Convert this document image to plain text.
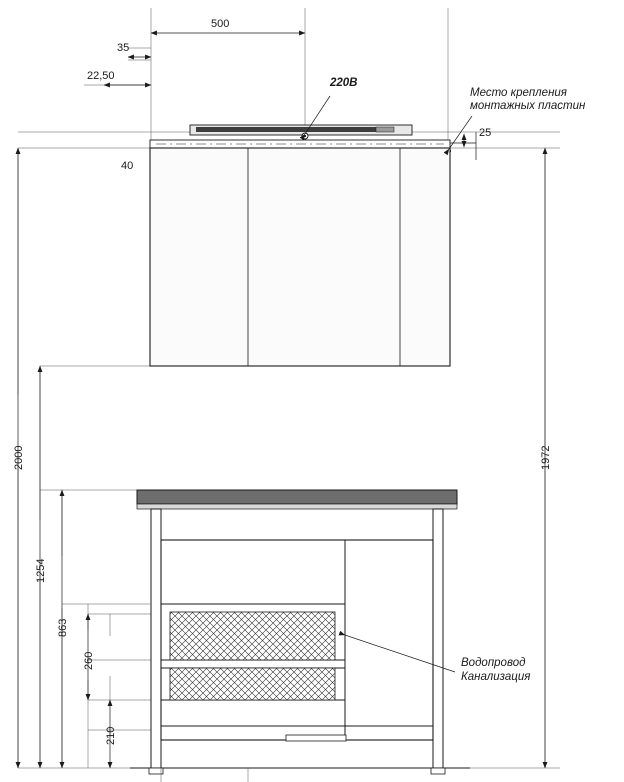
500
35
22,50
40
25
2000	1972
1254
863
260
210
220В
Место крепления
монтажных пластин
Водопровод
Канализация
